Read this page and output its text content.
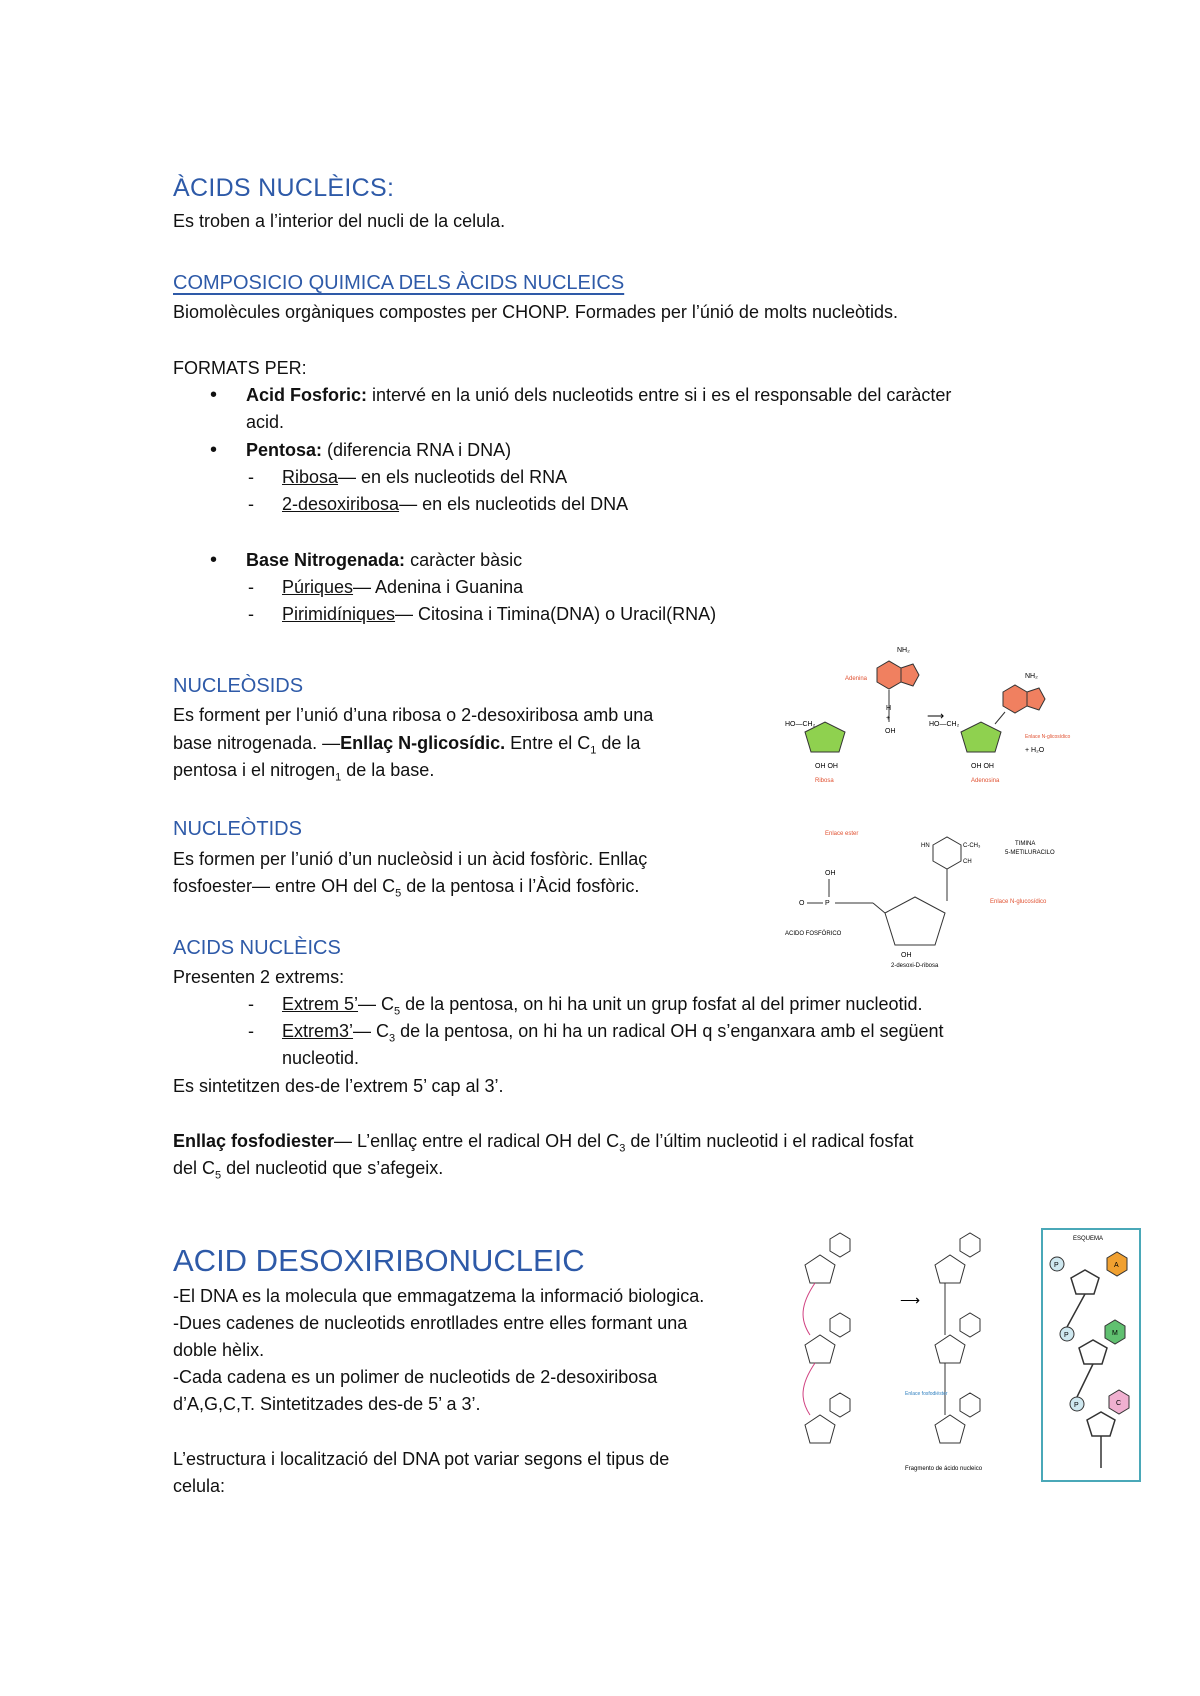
ÀCIDS NUCLÈICS:
Es troben a l’interior del nucli de la celula.
COMPOSICIO QUIMICA DELS ÀCIDS NUCLEICS
Biomolècules orgàniques compostes per CHONP. Formades per l’únió de molts nucleòtids.
FORMATS PER:
• Acid Fosforic: intervé en la unió dels nucleotids entre si i es el responsable del caràcter
acid.
• Pentosa: (diferencia RNA i DNA)
- Ribosa— en els nucleotids del RNA
- 2-desoxiribosa— en els nucleotids del DNA
• Base Nitrogenada: caràcter bàsic
- Púriques— Adenina i Guanina
- Pirimidíniques— Citosina i Timina(DNA) o Uracil(RNA)
NUCLEÒSIDS
Es forment per l’unió d’una ribosa o 2-desoxiribosa amb una
base nitrogenada. —Enllaç N-glicosídic. Entre el $C_1$ de la
pentosa i el nitrogen$_1$ de la base.
NUCLEÒTIDS
Es formen per l’unió d’un nucleòsid i un àcid fosfòric. Enllaç
fosfoester— entre OH del $C_5$ de la pentosa i l’Àcid fosfòric.
ACIDS NUCLÈICS
Presenten 2 extrems:
- Extrem 5’— $C_5$ de la pentosa, on hi ha unit un grup fosfat al del primer nucleotid.
- Extrem3’— $C_3$ de la pentosa, on hi ha un radical OH q s’enganxara amb el següent
nucleotid.
Es sintetitzen des-de l’extrem 5’ cap al 3’.
Enllaç fosfodiester— L’enllaç entre el radical OH del $C_3$ de l’últim nucleotid i el radical fosfat
del $C_5$ del nucleotid que s’afegeix.
ACID DESOXIRIBONUCLEIC
-El DNA es la molecula que emmagatzema la informació biologica.
-Dues cadenes de nucleotids enrotllades entre elles formant una
doble hèlix.
-Cada cadena es un polimer de nucleotids de 2-desoxiribosa
d’A,G,C,T. Sintetitzades des-de 5’ a 3’.
L’estructura i localització del DNA pot variar segons el tipus de
celula:
NH₂
Adenina
H
+
OH
HO—CH₂
OH OH
Ribosa
⟶
NH₂
HO—CH₂
OH OH
Adenosina
Enlace N-glicosídico
+ H₂O
Enlace ester
HN	C-CH₃
CH
TIMINA
5-METILURACILO
Enlace N-glucosídico
P
OH
O
ACIDO FOSFÓRICO
OH
2-desoxi-D-ribosa
⟶
Enlace fosfodiéster
Fragmento de ácido nucleico
ESQUEMA
P	A
P	M
P	C
